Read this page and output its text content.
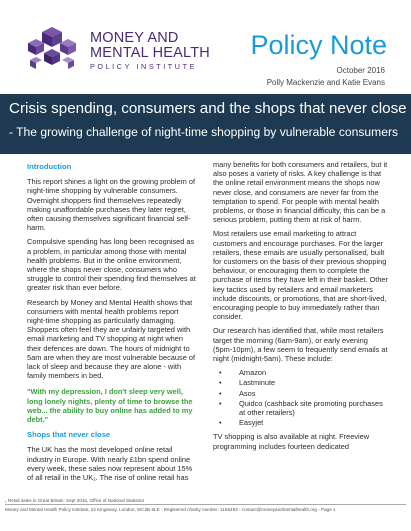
MONEY AND
MENTAL HEALTH
POLICY INSTITUTE
Policy Note
October 2016
Polly Mackenzie and Katie Evans
Crisis spending, consumers and the shops that never close
- The growing challenge of night-time shopping by vulnerable consumers
Introduction
This report shines a light on the growing problem of night-time shopping by vulnerable consumers. Overnight shoppers find themselves repeatedly making unaffordable purchases they later regret, often causing themselves significant financial self-harm.
Compulsive spending has long been recognised as a problem, in particular among those with mental health problems. But in the online environment, where the shops never close, consumers who struggle to control their spending find themselves at greater risk than ever before.
Research by Money and Mental Health shows that consumers with mental health problems report night-time shopping as particularly damaging. Shoppers often feel they are unfairly targeted with email marketing and TV shopping at night when their defences are down. The hours of midnight to 5am are when they are most vulnerable because of lack of sleep and because they are alone - with family members in bed.
"With my depression, I don't sleep very well, long lonely nights, plenty of time to browse the web... the ability to buy online has added to my debt."
Shops that never close
The UK has the most developed online retail industry in Europe. With nearly £1bn spend online every week, these sales now represent about 15% of all retail in the UK₁. The rise of online retail has
many benefits for both consumers and retailers, but it also poses a variety of risks. A key challenge is that the online retail environment means the shops now never close, and consumers are never far from the temptation to spend. For people with mental health problems, or those in financial difficulty, this can be a serious problem, putting them at risk of harm.
Most retailers use email marketing to attract customers and encourage purchases. For the larger retailers, these emails are usually personalised, built for customers on the basis of their previous shopping behaviour, or encouraging them to complete the purchase of items they have left in their basket. Other key tactics used by retailers and email marketers include discounts, or promotions, that are short-lived, encouraging people to buy immediately rather than consider.
Our research has identified that, while most retailers target the morning (6am-9am), or early evening (5pm-10pm), a few seem to frequently send emails at night (midnight-5am). These include:
• Amazon
• Lastminute
• Asos
• Quidco (cashback site promoting purchases at other retailers)
• Easyjet
TV shopping is also available at night. Freeview programming includes fourteen dedicated
₁ Retail sales in Great Britain: Sept 2016, Office of National Statistics
Money and Mental Health Policy Institute, 22 Kingsway, London, WC2B 6LE - Registered charity number: 1166493 - contact@moneyandmentalhealth.org - Page 1
